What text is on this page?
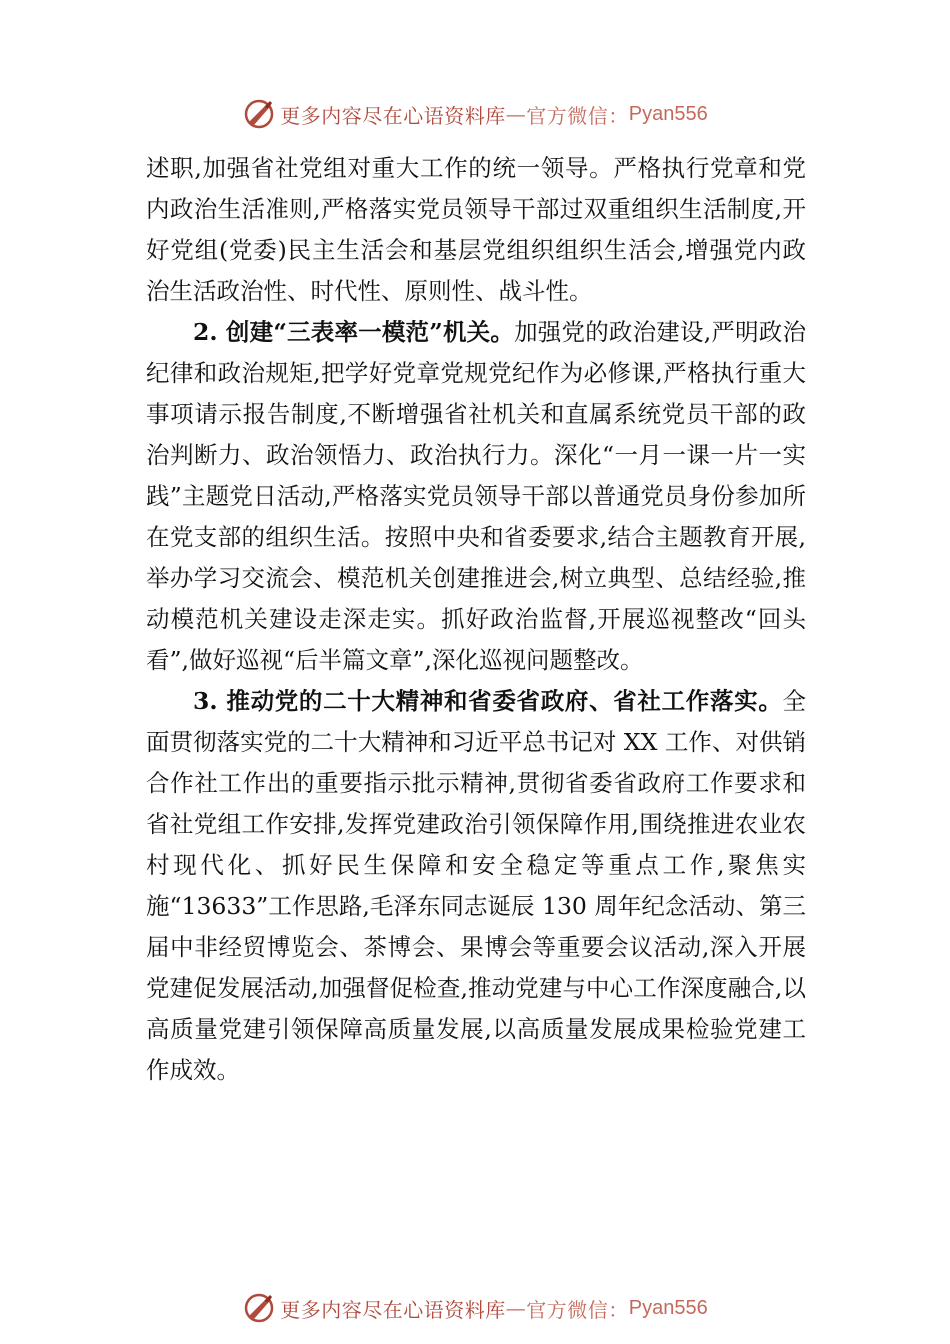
更多内容尽在心语资料库 — 官方微信： Pyan556

述职,加强省社党组对重大工作的统一领导。严格执行党章和党内政治生活准则,严格落实党员领导干部过双重组织生活制度,开好党组(党委)民主生活会和基层党组织组织生活会,增强党内政治生活政治性、时代性、原则性、战斗性。

2. 创建“三表率一模范”机关。加强党的政治建设,严明政治纪律和政治规矩,把学好党章党规党纪作为必修课,严格执行重大事项请示报告制度,不断增强省社机关和直属系统党员干部的政治判断力、政治领悟力、政治执行力。深化“一月一课一片一实践”主题党日活动,严格落实党员领导干部以普通党员身份参加所在党支部的组织生活。按照中央和省委要求,结合主题教育开展,举办学习交流会、模范机关创建推进会,树立典型、总结经验,推动模范机关建设走深走实。抓好政治监督,开展巡视整改“回头看”,做好巡视“后半篇文章”,深化巡视问题整改。

3. 推动党的二十大精神和省委省政府、省社工作落实。全面贯彻落实党的二十大精神和习近平总书记对 XX 工作、对供销合作社工作出的重要指示批示精神,贯彻省委省政府工作要求和省社党组工作安排,发挥党建政治引领保障作用,围绕推进农业农村现代化、抓好民生保障和安全稳定等重点工作,聚焦实施“13633”工作思路,毛泽东同志诞辰 130 周年纪念活动、第三届中非经贸博览会、茶博会、果博会等重要会议活动,深入开展党建促发展活动,加强督促检查,推动党建与中心工作深度融合,以高质量党建引领保障高质量发展,以高质量发展成果检验党建工作成效。

更多内容尽在心语资料库 — 官方微信： Pyan556
